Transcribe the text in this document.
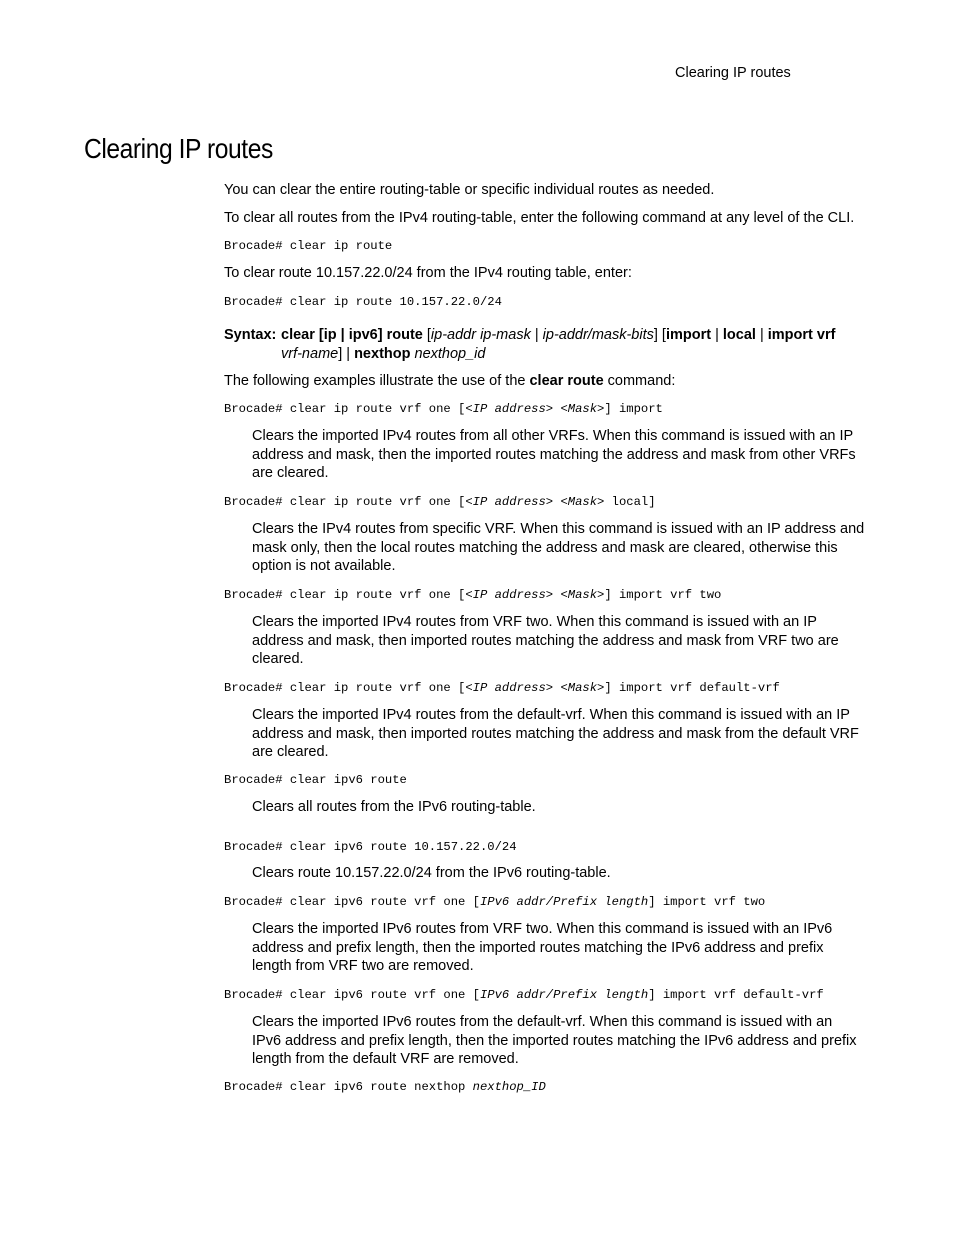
Clearing IP routes
Clearing IP routes

You can clear the entire routing-table or specific individual routes as needed.

To clear all routes from the IPv4 routing-table, enter the following command at any level of the CLI.

Brocade# clear ip route

To clear route 10.157.22.0/24 from the IPv4 routing table, enter:

Brocade# clear ip route 10.157.22.0/24
Syntax: clear [ip | ipv6] route [ip-addr ip-mask | ip-addr/mask-bits] [import | local | import vrf
vrf-name] | nexthop nexthop_id

The following examples illustrate the use of the clear route command:

Brocade# clear ip route vrf one [<IP address> <Mask>] import
Clears the imported IPv4 routes from all other VRFs. When this command is issued with an IP
address and mask, then the imported routes matching the address and mask from other VRFs
are cleared.
Brocade# clear ip route vrf one [<IP address> <Mask> local]
Clears the IPv4 routes from specific VRF. When this command is issued with an IP address and
mask only, then the local routes matching the address and mask are cleared, otherwise this
option is not available.
Brocade# clear ip route vrf one [<IP address> <Mask>] import vrf two
Clears the imported IPv4 routes from VRF two. When this command is issued with an IP
address and mask, then imported routes matching the address and mask from VRF two are
cleared.
Brocade# clear ip route vrf one [<IP address> <Mask>] import vrf default-vrf
Clears the imported IPv4 routes from the default-vrf. When this command is issued with an IP
address and mask, then imported routes matching the address and mask from the default VRF
are cleared.
Brocade# clear ipv6 route
Clears all routes from the IPv6 routing-table.
Brocade# clear ipv6 route 10.157.22.0/24
Clears route 10.157.22.0/24 from the IPv6 routing-table.
Brocade# clear ipv6 route vrf one [IPv6 addr/Prefix length] import vrf two
Clears the imported IPv6 routes from VRF two. When this command is issued with an IPv6
address and prefix length, then the imported routes matching the IPv6 address and prefix
length from VRF two are removed.
Brocade# clear ipv6 route vrf one [IPv6 addr/Prefix length] import vrf default-vrf
Clears the imported IPv6 routes from the default-vrf. When this command is issued with an
IPv6 address and prefix length, then the imported routes matching the IPv6 address and prefix
length from the default VRF are removed.
Brocade# clear ipv6 route nexthop nexthop_ID
